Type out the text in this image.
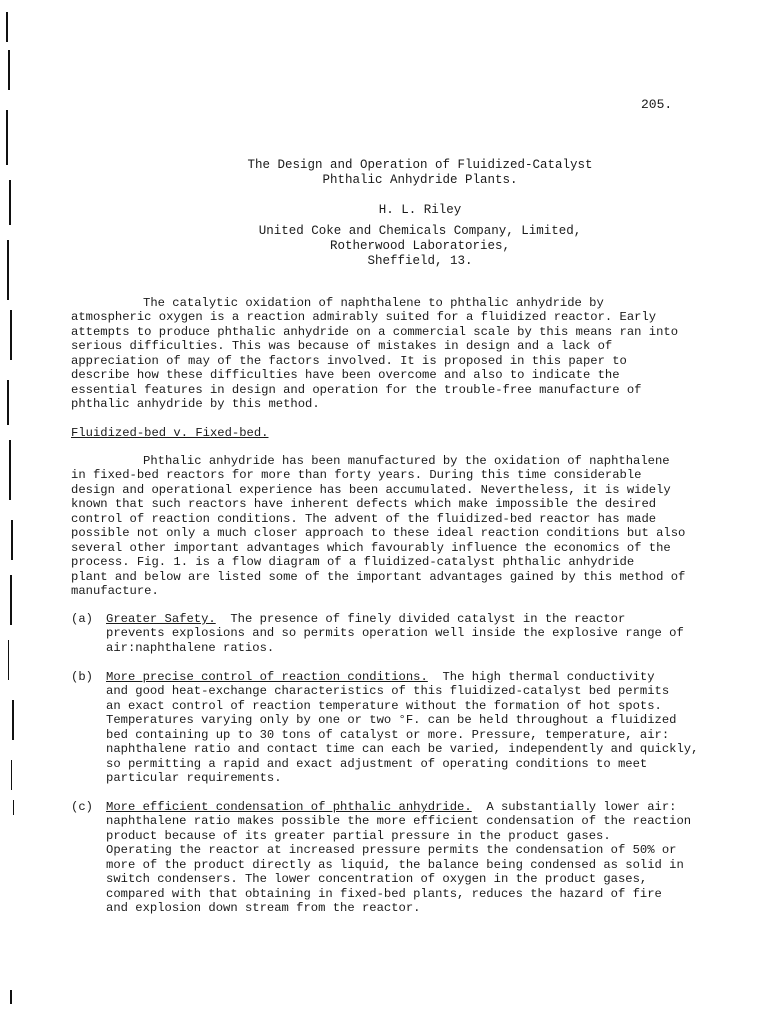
205.
The Design and Operation of Fluidized-Catalyst
Phthalic Anhydride Plants.
H. L. Riley
United Coke and Chemicals Company, Limited,
Rotherwood Laboratories,
Sheffield, 13.
The catalytic oxidation of naphthalene to phthalic anhydride by
atmospheric oxygen is a reaction admirably suited for a fluidized reactor. Early
attempts to produce phthalic anhydride on a commercial scale by this means ran into
serious difficulties. This was because of mistakes in design and a lack of
appreciation of may of the factors involved. It is proposed in this paper to
describe how these difficulties have been overcome and also to indicate the
essential features in design and operation for the trouble-free manufacture of
phthalic anhydride by this method.
Fluidized-bed v. Fixed-bed.
Phthalic anhydride has been manufactured by the oxidation of naphthalene
in fixed-bed reactors for more than forty years. During this time considerable
design and operational experience has been accumulated. Nevertheless, it is widely
known that such reactors have inherent defects which make impossible the desired
control of reaction conditions. The advent of the fluidized-bed reactor has made
possible not only a much closer approach to these ideal reaction conditions but also
several other important advantages which favourably influence the economics of the
process. Fig. 1. is a flow diagram of a fluidized-catalyst phthalic anhydride
plant and below are listed some of the important advantages gained by this method of
manufacture.
(a) Greater Safety.  The presence of finely divided catalyst in the reactor
prevents explosions and so permits operation well inside the explosive range of
air:naphthalene ratios.
(b) More precise control of reaction conditions.  The high thermal conductivity
and good heat-exchange characteristics of this fluidized-catalyst bed permits
an exact control of reaction temperature without the formation of hot spots.
Temperatures varying only by one or two °F. can be held throughout a fluidized
bed containing up to 30 tons of catalyst or more. Pressure, temperature, air:
naphthalene ratio and contact time can each be varied, independently and quickly,
so permitting a rapid and exact adjustment of operating conditions to meet
particular requirements.
(c) More efficient condensation of phthalic anhydride.  A substantially lower air:
naphthalene ratio makes possible the more efficient condensation of the reaction
product because of its greater partial pressure in the product gases.
Operating the reactor at increased pressure permits the condensation of 50% or
more of the product directly as liquid, the balance being condensed as solid in
switch condensers. The lower concentration of oxygen in the product gases,
compared with that obtaining in fixed-bed plants, reduces the hazard of fire
and explosion down stream from the reactor.
